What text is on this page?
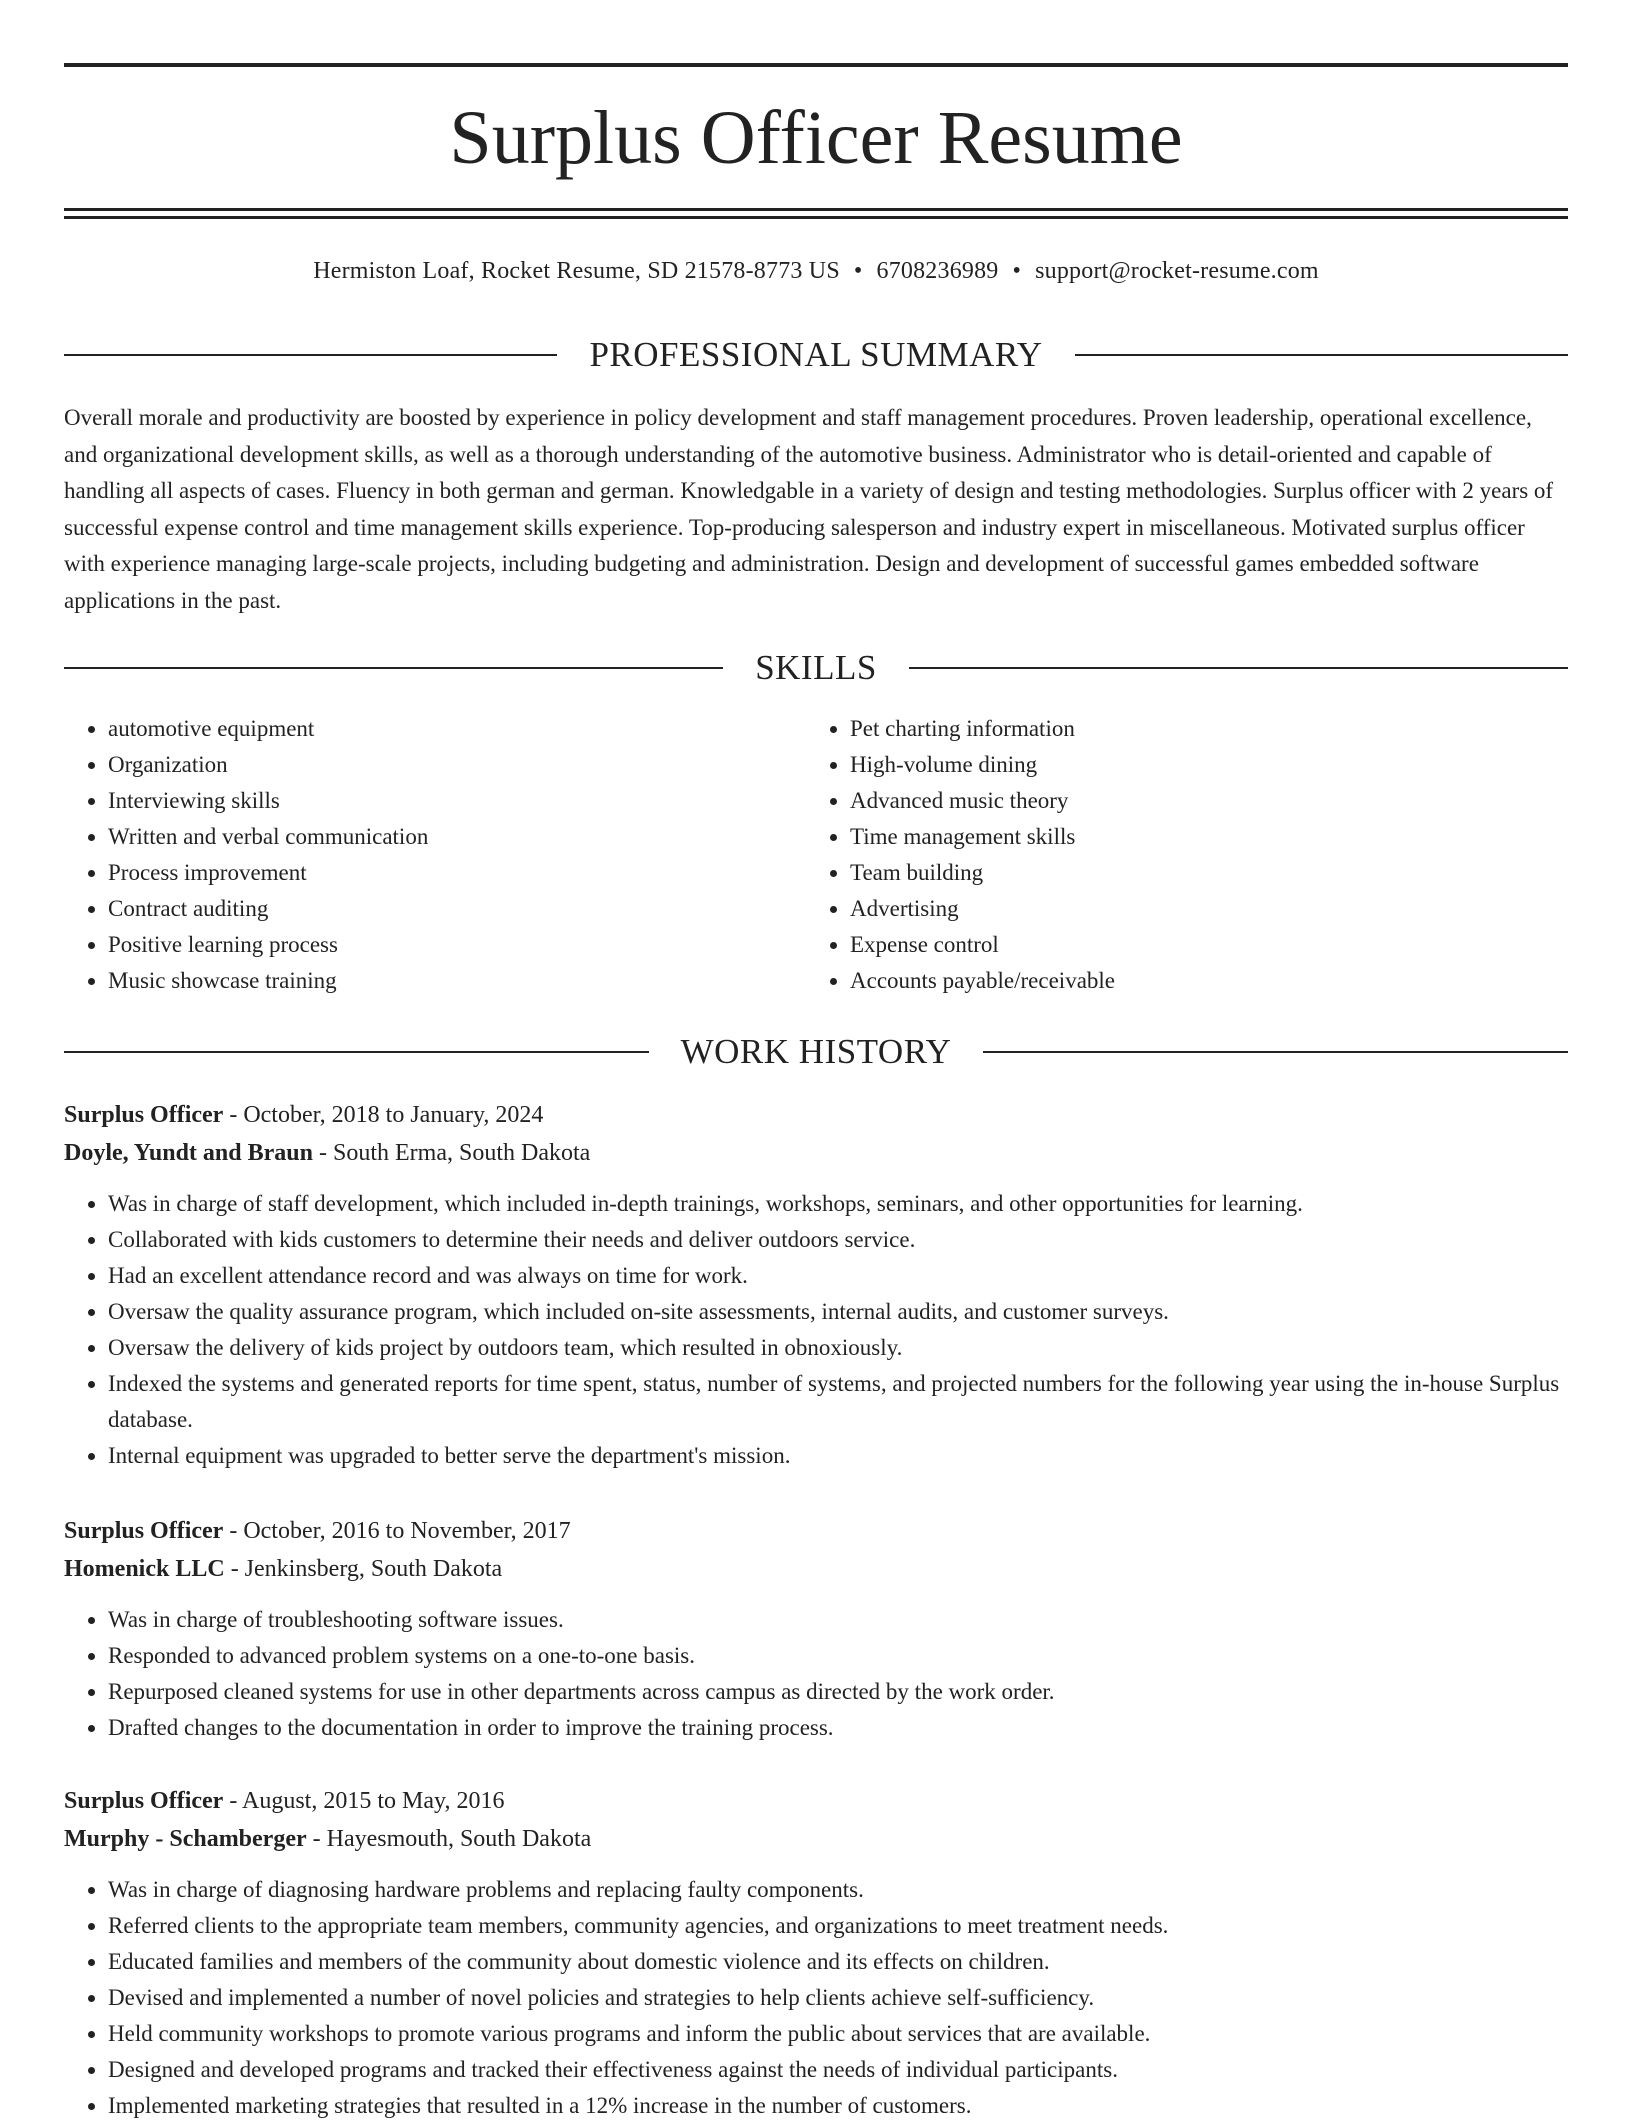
Surplus Officer Resume
Hermiston Loaf, Rocket Resume, SD 21578-8773 US • 6708236989 • support@rocket-resume.com
PROFESSIONAL SUMMARY

Overall morale and productivity are boosted by experience in policy development and staff management procedures. Proven leadership, operational excellence, and organizational development skills, as well as a thorough understanding of the automotive business. Administrator who is detail-oriented and capable of handling all aspects of cases. Fluency in both german and german. Knowledgable in a variety of design and testing methodologies. Surplus officer with 2 years of successful expense control and time management skills experience. Top-producing salesperson and industry expert in miscellaneous. Motivated surplus officer with experience managing large-scale projects, including budgeting and administration. Design and development of successful games embedded software applications in the past.

SKILLS
• automotive equipment
• Organization
• Interviewing skills
• Written and verbal communication
• Process improvement
• Contract auditing
• Positive learning process
• Music showcase training
• Pet charting information
• High-volume dining
• Advanced music theory
• Time management skills
• Team building
• Advertising
• Expense control
• Accounts payable/receivable
WORK HISTORY

Surplus Officer - October, 2018 to January, 2024

Doyle, Yundt and Braun - South Erma, South Dakota

• Was in charge of staff development, which included in-depth trainings, workshops, seminars, and other opportunities for learning.
• Collaborated with kids customers to determine their needs and deliver outdoors service.
• Had an excellent attendance record and was always on time for work.
• Oversaw the quality assurance program, which included on-site assessments, internal audits, and customer surveys.
• Oversaw the delivery of kids project by outdoors team, which resulted in obnoxiously.
• Indexed the systems and generated reports for time spent, status, number of systems, and projected numbers for the following year using the in-house Surplus database.
• Internal equipment was upgraded to better serve the department's mission.

Surplus Officer - October, 2016 to November, 2017

Homenick LLC - Jenkinsberg, South Dakota

• Was in charge of troubleshooting software issues.
• Responded to advanced problem systems on a one-to-one basis.
• Repurposed cleaned systems for use in other departments across campus as directed by the work order.
• Drafted changes to the documentation in order to improve the training process.

Surplus Officer - August, 2015 to May, 2016

Murphy - Schamberger - Hayesmouth, South Dakota

• Was in charge of diagnosing hardware problems and replacing faulty components.
• Referred clients to the appropriate team members, community agencies, and organizations to meet treatment needs.
• Educated families and members of the community about domestic violence and its effects on children.
• Devised and implemented a number of novel policies and strategies to help clients achieve self-sufficiency.
• Held community workshops to promote various programs and inform the public about services that are available.
• Designed and developed programs and tracked their effectiveness against the needs of individual participants.
• Implemented marketing strategies that resulted in a 12% increase in the number of customers.
